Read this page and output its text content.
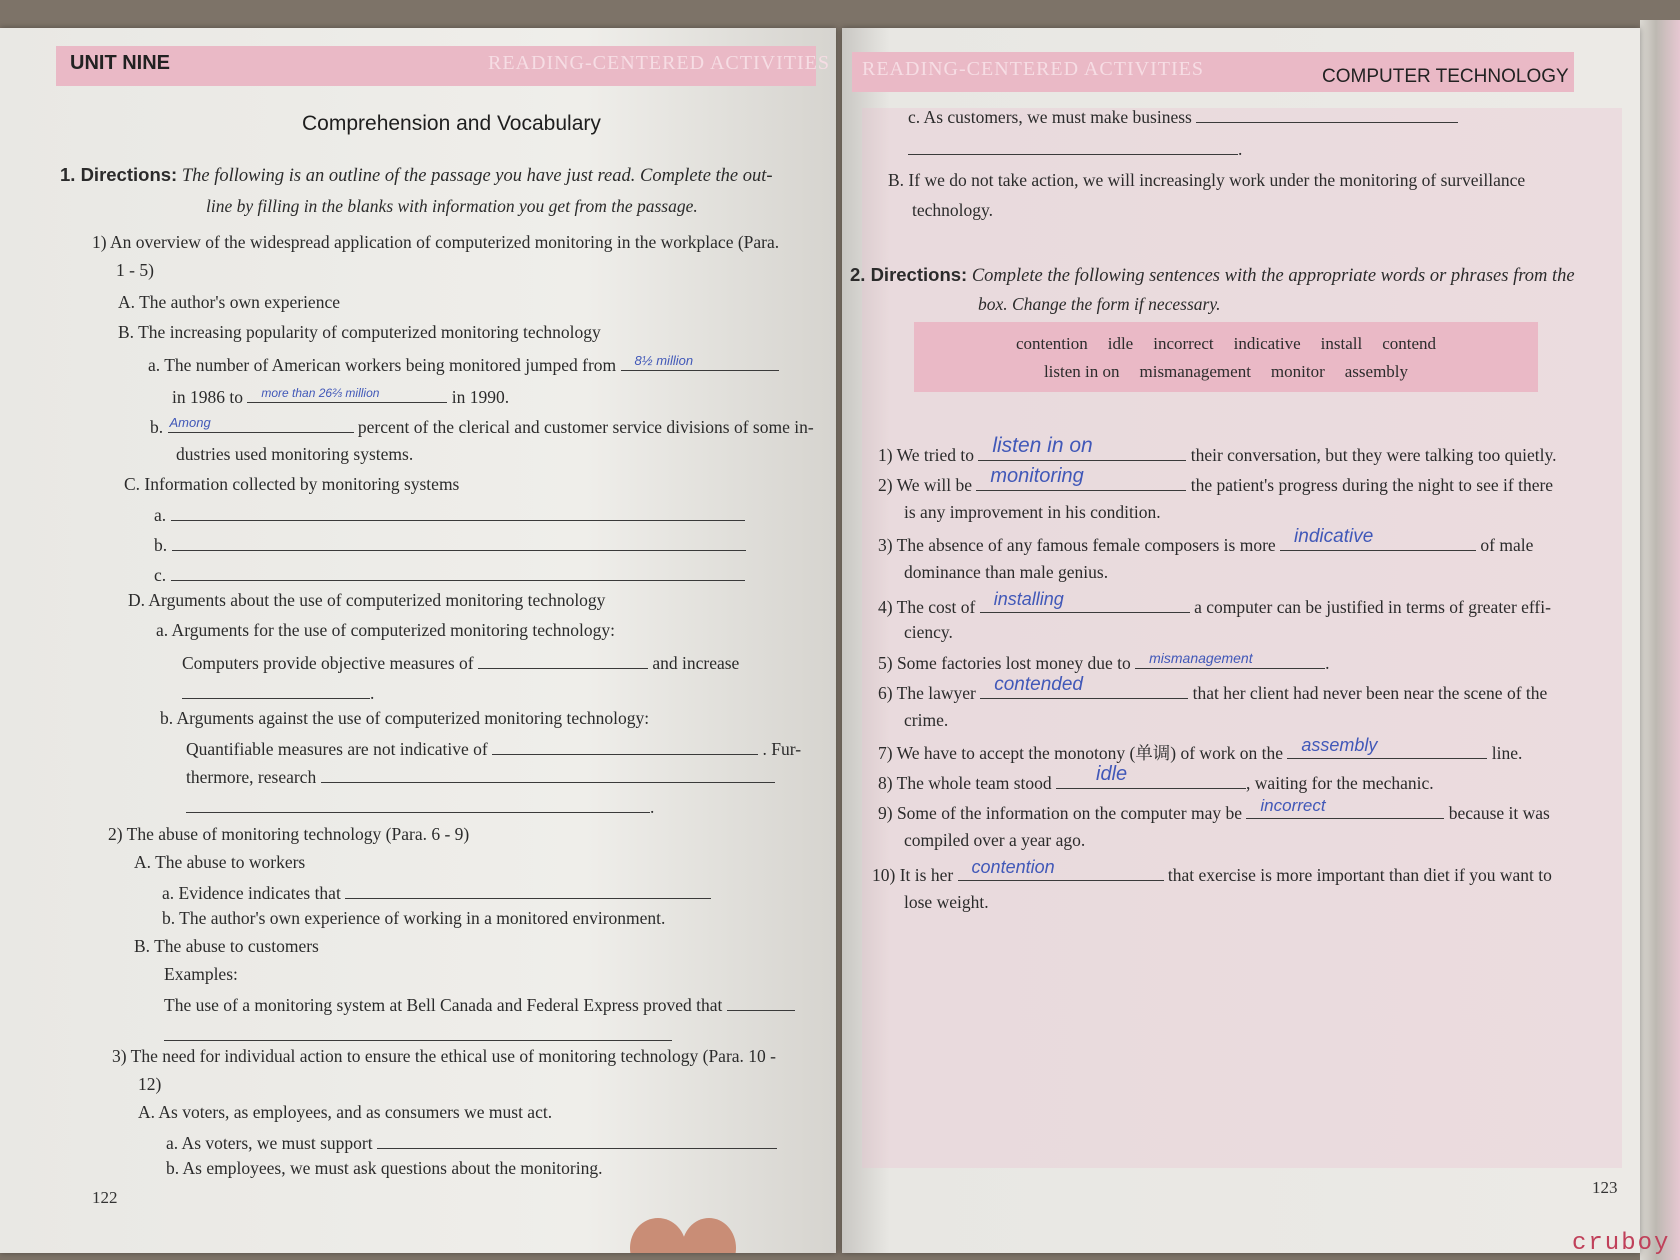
UNIT NINE	READING-CENTERED ACTIVITIES
Comprehension and Vocabulary
1. Directions: The following is an outline of the passage you have just read. Complete the out-
line by filling in the blanks with information you get from the passage.
1) An overview of the widespread application of computerized monitoring in the workplace (Para.
1 - 5)
A. The author's own experience
B. The increasing popularity of computerized monitoring technology
a. The number of American workers being monitored jumped from 8½ million
in 1986 to more than 26⅔ million	in 1990.
b. Among	percent of the clerical and customer service divisions of some in-
dustries used monitoring systems.
C. Information collected by monitoring systems
a.
b.
c.
D. Arguments about the use of computerized monitoring technology
a. Arguments for the use of computerized monitoring technology:
Computers provide objective measures of	and increase
.
b. Arguments against the use of computerized monitoring technology:
Quantifiable measures are not indicative of	. Fur-
thermore, research
.
2) The abuse of monitoring technology (Para. 6 - 9)
A. The abuse to workers
a. Evidence indicates that
b. The author's own experience of working in a monitored environment.
B. The abuse to customers
Examples:
The use of a monitoring system at Bell Canada and Federal Express proved that
3) The need for individual action to ensure the ethical use of monitoring technology (Para. 10 -
12)
A. As voters, as employees, and as consumers we must act.
a. As voters, we must support
b. As employees, we must ask questions about the monitoring.
122
READING-CENTERED ACTIVITIES	COMPUTER TECHNOLOGY
c. As customers, we must make business
.
B. If we do not take action, we will increasingly work under the monitoring of surveillance
technology.
2. Directions: Complete the following sentences with the appropriate words or phrases from the
box. Change the form if necessary.
contention idle incorrect indicative install contend
listen in on mismanagement monitor assembly
1) We tried to listen in on	their conversation, but they were talking too quietly.
2) We will be monitoring	the patient's progress during the night to see if there
is any improvement in his condition.
3) The absence of any famous female composers is more indicative	of male
dominance than male genius.
4) The cost of installing	a computer can be justified in terms of greater effi-
ciency.
5) Some factories lost money due to mismanagement	.
6) The lawyer contended	that her client had never been near the scene of the
crime.
7) We have to accept the monotony (单调) of work on the assembly	line.
8) The whole team stood idle	, waiting for the mechanic.
9) Some of the information on the computer may be incorrect	because it was
compiled over a year ago.
10) It is her contention	that exercise is more important than diet if you want to
lose weight.
123
cruboy
